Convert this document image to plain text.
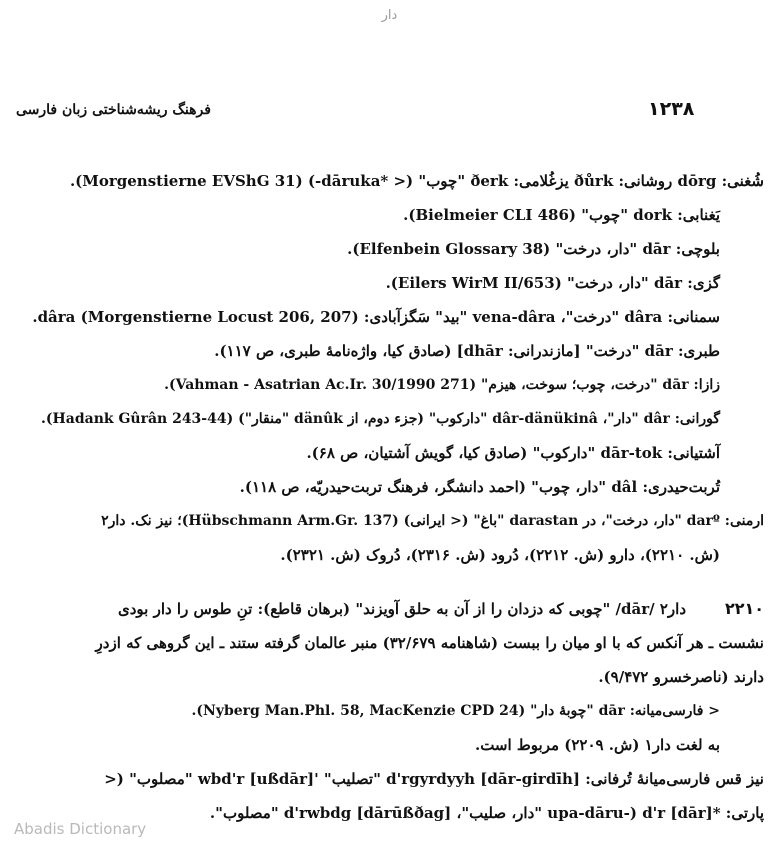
دار
فرهنگ ریشه‌شناختی زبان فارسی	۱۲۳۸
شُغنی: dōrg روشانی: ðůrk یزغُلامی: ðerk "چوب" (< *dāruka-) (Morgenstierne EVShG 31).
یَغنابی: dork "چوب" (Bielmeier CLI 486).
بلوچی: dār "دار، درخت" (Elfenbein Glossary 38).
گزی: dār "دار، درخت" (Eilers WirM II/653).
سمنانی: dâra "درخت"، vena-dâra "بید" سَگزآبادی: dâra (Morgenstierne Locust 206, 207).
طبری: dār "درخت" [مازندرانی: dhār] (صادق کیا، واژه‌نامهٔ طبری، ص ۱۱۷).
زازا: dār "درخت، چوب؛ سوخت، هیزم" (Vahman - Asatrian Ac.Ir. 30/1990 271).
گورانی: dâr "دار"، dâr-dänükinâ "دارکوب" (جزء دوم، از dänûk "منقار") (Hadank Gûrân 243-44).
آشتیانی: dār-tok "دارکوب" (صادق کیا، گویش آشتیان، ص ۶۸).
تُربت‌حیدری: dâl "دار، چوب" (احمد دانشگر، فرهنگ تربت‌حیدریّه، ص ۱۱۸).
ارمنی: darº "دار، درخت"، در darastan "باغ" (< ایرانی) (Hübschmann Arm.Gr. 137)؛ نیز نک. دار۲
(ش. ۲۲۱۰)، دارو (ش. ۲۲۱۲)، دُرود (ش. ۲۳۱۶)، دُروک (ش. ۲۳۲۱).
۲۲۱۰
دار۲ /dār/ "چوبی که دزدان را از آن به حلق آویزند" (برهان قاطع): تنِ طوس را دار بودی
نشست ـ هر آنکس که با او میان را ببست (شاهنامه ۳۲/۶۷۹) منبر عالمان گرفته ستند ـ این گروهی که ازدرِ
دارند (ناصرخسرو ۹/۴۷۲).
< فارسی‌میانه: dār "چوبهٔ دار" (Nyberg Man.Phl. 58, MacKenzie CPD 24).
به لغت دار۱ (ش. ۲۲۰۹) مربوط است.
نیز قس فارسی‌میانهٔ تُرفانی: d'rgyrdyyh [dār-girdīh] "تصلیب" 'wbd'r [ußdār] "مصلوب" (<
پارتی: *upa-dāru-) d'r [dār] "دار، صلیب"، d'rwbdg [dārūßðag] "مصلوب".
Abadis Dictionary
